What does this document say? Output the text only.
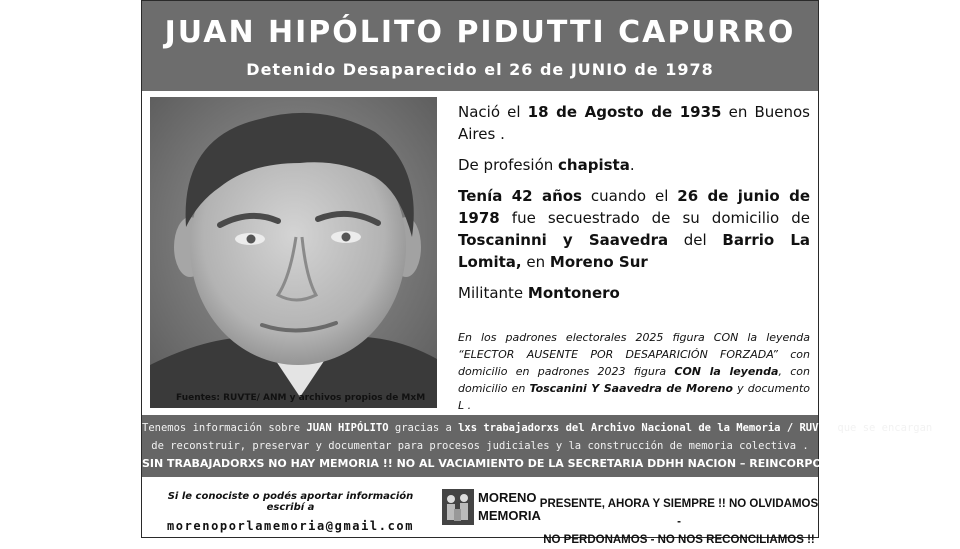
JUAN HIPÓLITO PIDUTTI CAPURRO
Detenido Desaparecido el 26 de JUNIO de 1978
Fuentes: RUVTE/ ANM y archivos propios de MxM

Nació el 18 de Agosto de 1935 en Buenos Aires .

De profesión chapista.

Tenía 42 años cuando el 26 de junio de 1978 fue secuestrado de su domicilio de Toscaninni y Saavedra del Barrio La Lomita, en Moreno Sur

Militante Montonero

En los padrones electorales 2025 figura CON la leyenda “ELECTOR AUSENTE POR DESAPARICIÓN FORZADA” con domicilio en padrones 2023 figura CON la leyenda, con domicilio en Toscanini Y Saavedra de Moreno y documento L .
Tenemos información sobre JUAN HIPÓLITO gracias a lxs trabajadorxs del Archivo Nacional de la Memoria / RUVTE que se encargan
de reconstruir, preservar y documentar para procesos judiciales y la construcción de memoria colectiva .
SIN TRABAJADORXS NO HAY MEMORIA !! NO AL VACIAMIENTO DE LA SECRETARIA DDHH NACION – REINCORPORACION YA !!
Si le conociste o podés aportar información escribí a
morenoporlamemoria@gmail.com
MORENO
MEMORIA
PRESENTE, AHORA Y SIEMPRE !! NO OLVIDAMOS -
NO PERDONAMOS - NO NOS RECONCILIAMOS !!
